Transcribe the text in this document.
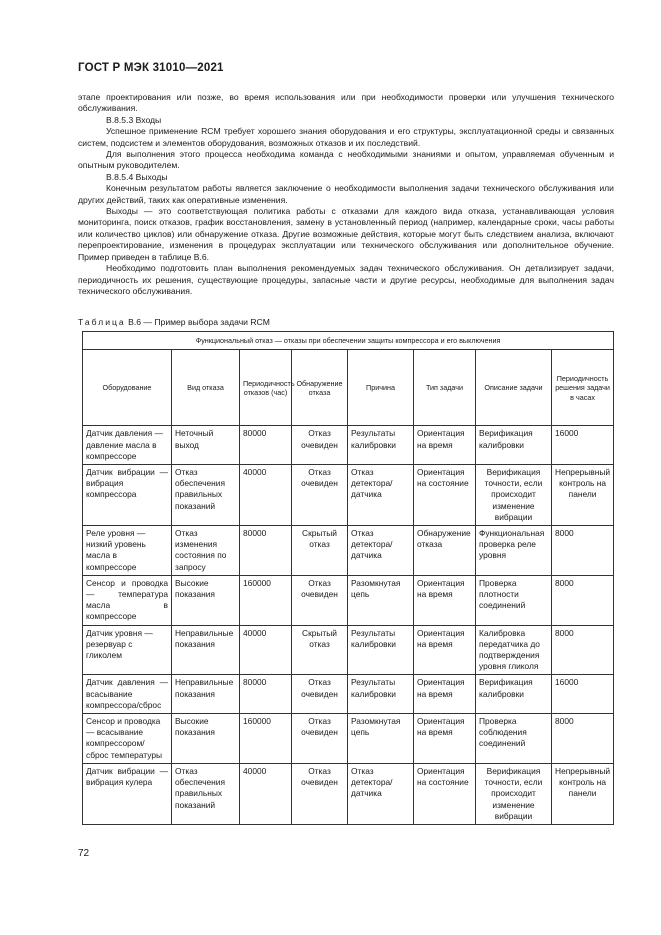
ГОСТ Р МЭК 31010—2021

этапе проектирования или позже, во время использования или при необходимости проверки или улучшения технического обслуживания.

В.8.5.3 Входы

Успешное применение RCM требует хорошего знания оборудования и его структуры, эксплуатационной среды и связанных систем, подсистем и элементов оборудования, возможных отказов и их последствий.

Для выполнения этого процесса необходима команда с необходимыми знаниями и опытом, управляемая обученным и опытным руководителем.

В.8.5.4 Выходы

Конечным результатом работы является заключение о необходимости выполнения задачи технического обслуживания или других действий, таких как оперативные изменения.

Выходы — это соответствующая политика работы с отказами для каждого вида отказа, устанавливающая условия мониторинга, поиск отказов, график восстановления, замену в установленный период (например, календарные сроки, часы работы или количество циклов) или обнаружение отказа. Другие возможные действия, которые могут быть следствием анализа, включают перепроектирование, изменения в процедурах эксплуатации или технического обслуживания или дополнительное обучение. Пример приведен в таблице В.6.

Необходимо подготовить план выполнения рекомендуемых задач технического обслуживания. Он детализирует задачи, периодичность их решения, существующие процедуры, запасные части и другие ресурсы, необходимые для выполнения задач технического обслуживания.

Таблица В.6 — Пример выбора задачи RCM
Функциональный отказ — отказы при обеспечении защиты компрессора и его выключения							
Оборудование	Вид отказа	Периодичность отказов (час)	Обнаружение отказа	Причина	Тип задачи	Описание задачи	Периодичность решения задачи в часах
Датчик давления — давление масла в компрессоре	Неточный выход	80000	Отказ очевиден	Результаты калибровки	Ориентация на время	Верификация калибровки	16000
Датчик вибрации — вибрация компрессора	Отказ обеспечения правильных показаний	40000	Отказ очевиден	Отказ детектора/ датчика	Ориентация на состояние	Верификация точности, если происходит изменение вибрации	Непрерывный контроль на панели
Реле уровня — низкий уровень масла в компрессоре	Отказ изменения состояния по запросу	80000	Скрытый отказ	Отказ детектора/ датчика	Обнаружение отказа	Функциональная проверка реле уровня	8000
Сенсор и проводка — температура масла в компрессоре	Высокие показания	160000	Отказ очевиден	Разомкнутая цепь	Ориентация на время	Проверка плотности соединений	8000
Датчик уровня — резервуар с гликолем	Неправильные показания	40000	Скрытый отказ	Результаты калибровки	Ориентация на время	Калибровка передатчика до подтверждения уровня гликоля	8000
Датчик давления — всасывание компрессора/сброс	Неправильные показания	80000	Отказ очевиден	Результаты калибровки	Ориентация на время	Верификация калибровки	16000
Сенсор и проводка — всасывание компрессором/ сброс температуры	Высокие показания	160000	Отказ очевиден	Разомкнутая цепь	Ориентация на время	Проверка соблюдения соединений	8000
Датчик вибрации — вибрация кулера	Отказ обеспечения правильных показаний	40000	Отказ очевиден	Отказ детектора/ датчика	Ориентация на состояние	Верификация точности, если происходит изменение вибрации	Непрерывный контроль на панели
72
